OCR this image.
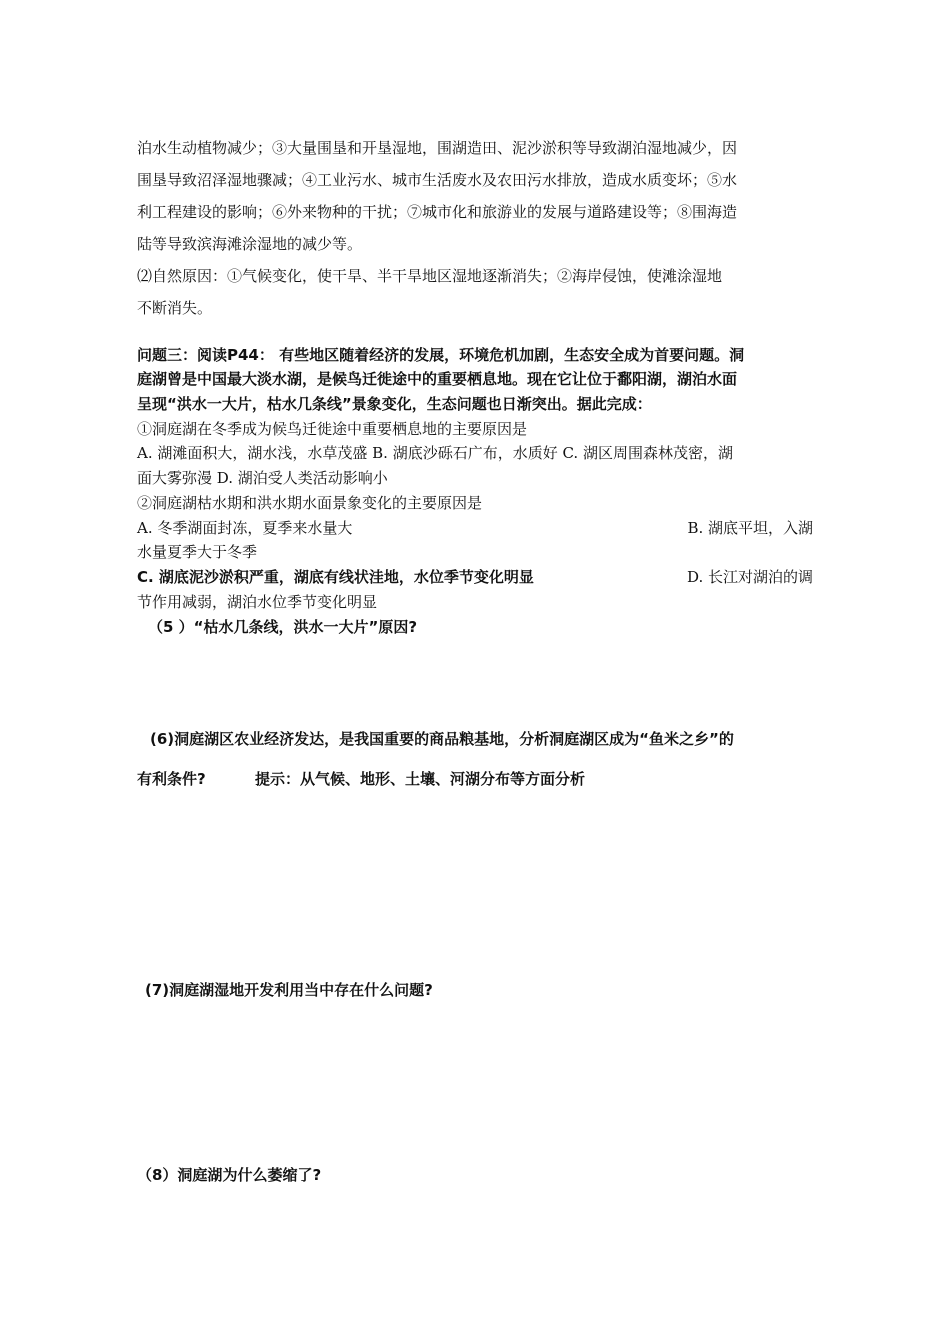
泊水生动植物减少；③大量围垦和开垦湿地，围湖造田、泥沙淤积等导致湖泊湿地减少，因
围垦导致沼泽湿地骤减；④工业污水、城市生活废水及农田污水排放，造成水质变坏；⑤水
利工程建设的影响；⑥外来物种的干扰；⑦城市化和旅游业的发展与道路建设等；⑧围海造
陆等导致滨海滩涂湿地的减少等。
⑵自然原因：①气候变化，使干旱、半干旱地区湿地逐渐消失；②海岸侵蚀，使滩涂湿地
不断消失。
问题三：阅读P44： 有些地区随着经济的发展，环境危机加剧，生态安全成为首要问题。洞
庭湖曾是中国最大淡水湖，是候鸟迁徙途中的重要栖息地。现在它让位于鄱阳湖，湖泊水面
呈现“洪水一大片，枯水几条线”景象变化，生态问题也日渐突出。据此完成：
①洞庭湖在冬季成为候鸟迁徙途中重要栖息地的主要原因是
A. 湖滩面积大，湖水浅，水草茂盛 B. 湖底沙砾石广布，水质好 C. 湖区周围森林茂密，湖
面大雾弥漫 D. 湖泊受人类活动影响小
②洞庭湖枯水期和洪水期水面景象变化的主要原因是
A. 冬季湖面封冻，夏季来水量大	B. 湖底平坦，入湖
水量夏季大于冬季
C. 湖底泥沙淤积严重，湖底有线状洼地，水位季节变化明显	D. 长江对湖泊的调
节作用减弱，湖泊水位季节变化明显
（5 ）“枯水几条线，洪水一大片”原因?
(6)洞庭湖区农业经济发达，是我国重要的商品粮基地，分析洞庭湖区成为“鱼米之乡”的
有利条件?	提示：从气候、地形、土壤、河湖分布等方面分析
(7)洞庭湖湿地开发利用当中存在什么问题?
（8）洞庭湖为什么萎缩了?
